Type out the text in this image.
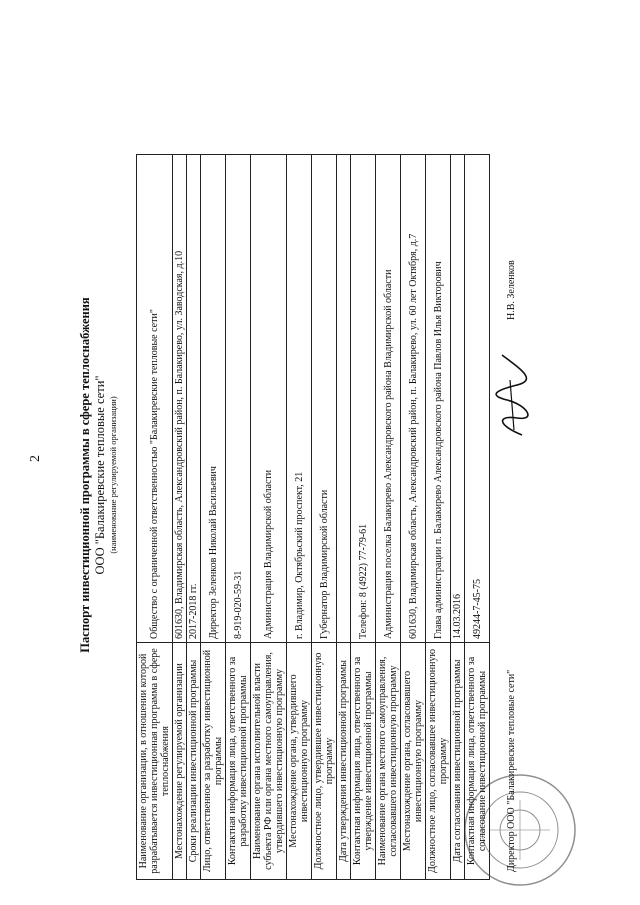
2	Паспорт инвестиционной программы в сфере теплоснабжения ООО "Балакиревские тепловые сети" (наименование регулируемой организации)
Наименование организации, в отношении которой разрабатывается инвестиционная программа в сфере теплоснабжения	Общество с ограниченной ответственностью "Балакиревские тепловые сети"
Местонахождение регулируемой организации	601630, Владимирская область, Александровский район, п. Балакирево, ул. Заводская, д.10
Сроки реализации инвестиционной программы	2017-2018 гг.
Лицо, ответственное за разработку инвестиционной программы	Директор Зеленков Николай Васильевич
Контактная информация лица, ответственного за разработку инвестиционной программы	8-919-020-59-31
Наименование органа исполнительной власти субъекта РФ или органа местного самоуправления, утвердившего инвестиционную программу	Администрация Владимирской области
Местонахождение органа, утвердившего инвестиционную программу	г. Владимир, Октябрьский проспект, 21
Должностное лицо, утвердившее инвестиционную программу	Губернатор Владимирской области
Дата утверждения инвестиционной программы	
Контактная информация лица, ответственного за утверждение инвестиционной программы	Телефон: 8 (4922) 77-79-61
Наименование органа местного самоуправления, согласовавшего инвестиционную программу	Администрация поселка Балакирево Александровского района Владимирской области
Местонахождение органа, согласовавшего инвестиционную программу	601630, Владимирская область, Александровский район, п. Балакирево, ул. 60 лет Октября, д.7
Должностное лицо, согласовавшее инвестиционную программу	Глава администрации п. Балакирево Александровского района Павлов Илья Викторович
Дата согласования инвестиционной программы	14.03.2016
Контактная информация лица, ответственного за согласование инвестиционной программы	49244-7-45-75
Директор ООО "Балакиревские тепловые сети"
Н.В. Зеленков
